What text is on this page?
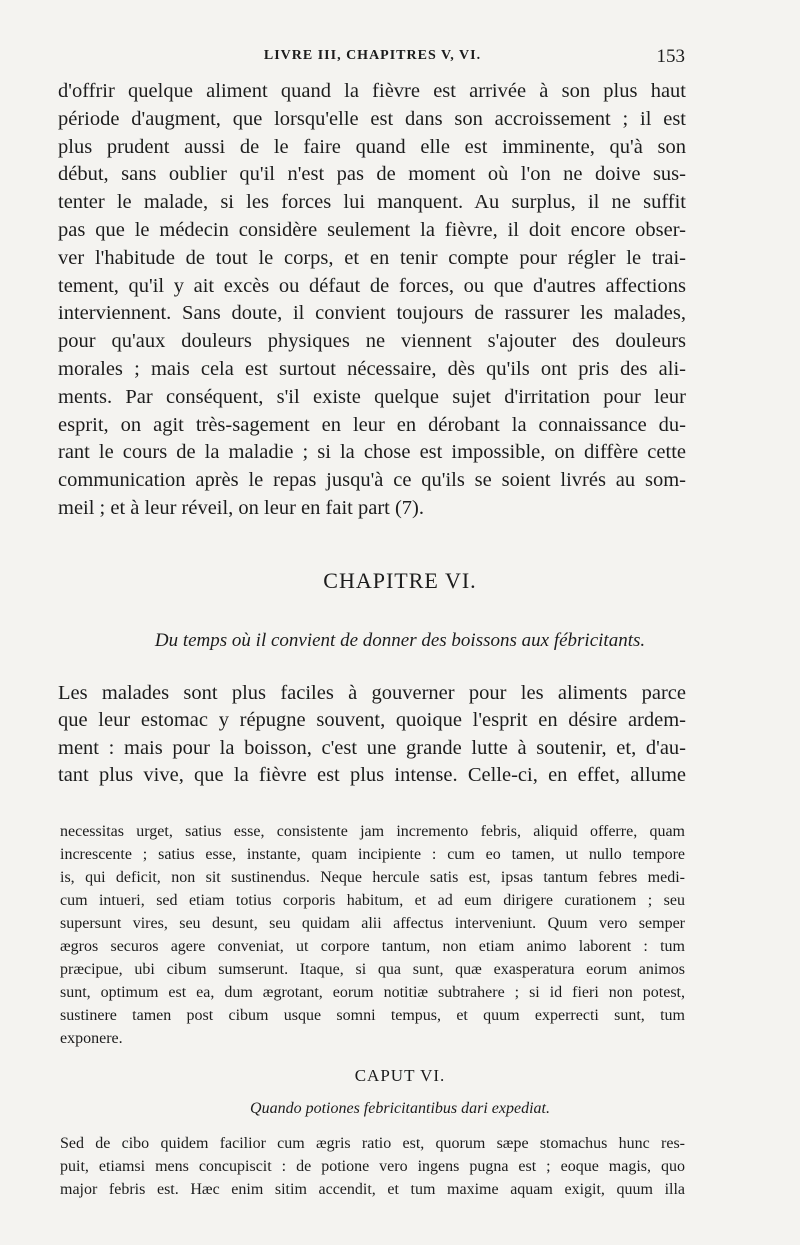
LIVRE III, CHAPITRES V, VI.	153
d'offrir quelque aliment quand la fièvre est arrivée à son plus haut
période d'augment, que lorsqu'elle est dans son accroissement ; il est
plus prudent aussi de le faire quand elle est imminente, qu'à son
début, sans oublier qu'il n'est pas de moment où l'on ne doive sus-
tenter le malade, si les forces lui manquent. Au surplus, il ne suffit
pas que le médecin considère seulement la fièvre, il doit encore obser-
ver l'habitude de tout le corps, et en tenir compte pour régler le trai-
tement, qu'il y ait excès ou défaut de forces, ou que d'autres affections
interviennent. Sans doute, il convient toujours de rassurer les malades,
pour qu'aux douleurs physiques ne viennent s'ajouter des douleurs
morales ; mais cela est surtout nécessaire, dès qu'ils ont pris des ali-
ments. Par conséquent, s'il existe quelque sujet d'irritation pour leur
esprit, on agit très-sagement en leur en dérobant la connaissance du-
rant le cours de la maladie ; si la chose est impossible, on diffère cette
communication après le repas jusqu'à ce qu'ils se soient livrés au som-
meil ; et à leur réveil, on leur en fait part (7).
CHAPITRE VI.
Du temps où il convient de donner des boissons aux fébricitants.
Les malades sont plus faciles à gouverner pour les aliments parce
que leur estomac y répugne souvent, quoique l'esprit en désire ardem-
ment : mais pour la boisson, c'est une grande lutte à soutenir, et, d'au-
tant plus vive, que la fièvre est plus intense. Celle-ci, en effet, allume
necessitas urget, satius esse, consistente jam incremento febris, aliquid offerre, quam
increscente ; satius esse, instante, quam incipiente : cum eo tamen, ut nullo tempore
is, qui deficit, non sit sustinendus. Neque hercule satis est, ipsas tantum febres medi-
cum intueri, sed etiam totius corporis habitum, et ad eum dirigere curationem ; seu
supersunt vires, seu desunt, seu quidam alii affectus interveniunt. Quum vero semper
ægros securos agere conveniat, ut corpore tantum, non etiam animo laborent : tum
præcipue, ubi cibum sumserunt. Itaque, si qua sunt, quæ exasperatura eorum animos
sunt, optimum est ea, dum ægrotant, eorum notitiæ subtrahere ; si id fieri non potest,
sustinere tamen post cibum usque somni tempus, et quum experrecti sunt, tum
exponere.
CAPUT VI.
Quando potiones febricitantibus dari expediat.
Sed de cibo quidem facilior cum ægris ratio est, quorum sæpe stomachus hunc res-
puit, etiamsi mens concupiscit : de potione vero ingens pugna est ; eoque magis, quo
major febris est. Hæc enim sitim accendit, et tum maxime aquam exigit, quum illa
